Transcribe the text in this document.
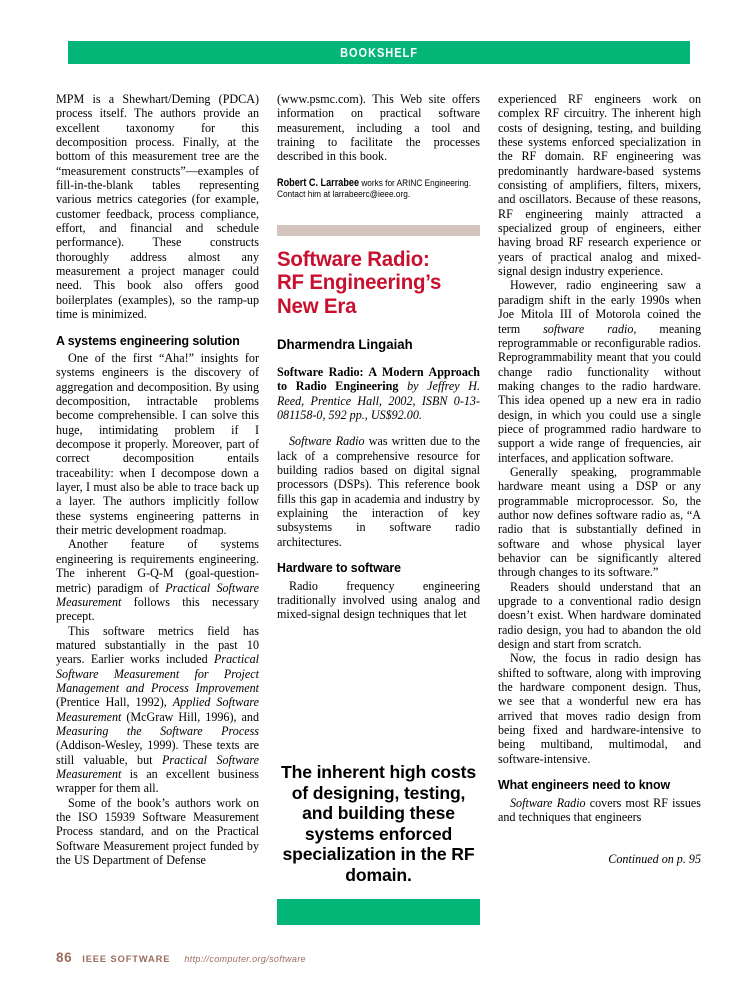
BOOKSHELF

MPM is a Shewhart/Deming (PDCA) process itself. The authors provide an excellent taxonomy for this decomposition process. Finally, at the bottom of this measurement tree are the “measurement constructs”—examples of fill-in-the-blank tables representing various metrics categories (for example, customer feedback, process compliance, effort, and financial and schedule performance). These constructs thoroughly address almost any measurement a project manager could need. This book also offers good boilerplates (examples), so the ramp-up time is minimized.

A systems engineering solution

One of the first “Aha!” insights for systems engineers is the discovery of aggregation and decomposition. By using decomposition, intractable problems become comprehensible. I can solve this huge, intimidating problem if I decompose it properly. Moreover, part of correct decomposition entails traceability: when I decompose down a layer, I must also be able to trace back up a layer. The authors implicitly follow these systems engineering patterns in their metric development roadmap.

Another feature of systems engineering is requirements engineering. The inherent G-Q-M (goal-question-metric) paradigm of Practical Software Measurement follows this necessary precept.

This software metrics field has matured substantially in the past 10 years. Earlier works included Practical Software Measurement for Project Management and Process Improvement (Prentice Hall, 1992), Applied Software Measurement (McGraw Hill, 1996), and Measuring the Software Process (Addison-Wesley, 1999). These texts are still valuable, but Practical Software Measurement is an excellent business wrapper for them all.

Some of the book’s authors work on the ISO 15939 Software Measurement Process standard, and on the Practical Software Measurement project funded by the US Department of Defense

(www.psmc.com). This Web site offers information on practical software measurement, including a tool and training to facilitate the processes described in this book.

Robert C. Larrabee works for ARINC Engineering. Contact him at larrabeerc@ieee.org.
Software Radio:
RF Engineering’s
New Era
Dharmendra Lingaiah

Software Radio: A Modern Approach to Radio Engineering by Jeffrey H. Reed, Prentice Hall, 2002, ISBN 0-13-081158-0, 592 pp., US$92.00.

Software Radio was written due to the lack of a comprehensive resource for building radios based on digital signal processors (DSPs). This reference book fills this gap in academia and industry by explaining the interaction of key subsystems in software radio architectures.

Hardware to software

Radio frequency engineering traditionally involved using analog and mixed-signal design techniques that let

experienced RF engineers work on complex RF circuitry. The inherent high costs of designing, testing, and building these systems enforced specialization in the RF domain. RF engineering was predominantly hardware-based systems consisting of amplifiers, filters, mixers, and oscillators. Because of these reasons, RF engineering mainly attracted a specialized group of engineers, either having broad RF research experience or years of practical analog and mixed-signal design industry experience.

However, radio engineering saw a paradigm shift in the early 1990s when Joe Mitola III of Motorola coined the term software radio, meaning reprogrammable or reconfigurable radios. Reprogrammability meant that you could change radio functionality without making changes to the radio hardware. This idea opened up a new era in radio design, in which you could use a single piece of programmed radio hardware to support a wide range of frequencies, air interfaces, and application software.

Generally speaking, programmable hardware meant using a DSP or any programmable microprocessor. So, the author now defines software radio as, “A radio that is substantially defined in software and whose physical layer behavior can be significantly altered through changes to its software.”

Readers should understand that an upgrade to a conventional radio design doesn’t exist. When hardware dominated radio design, you had to abandon the old design and start from scratch.

Now, the focus in radio design has shifted to software, along with improving the hardware component design. Thus, we see that a wonderful new era has arrived that moves radio design from being fixed and hardware-intensive to being multiband, multimodal, and software-intensive.

What engineers need to know

Software Radio covers most RF issues and techniques that engineers

Continued on p. 95
The inherent high costs of designing, testing, and building these systems enforced specialization in the RF domain.
86 IEEE SOFTWARE http://computer.org/software
